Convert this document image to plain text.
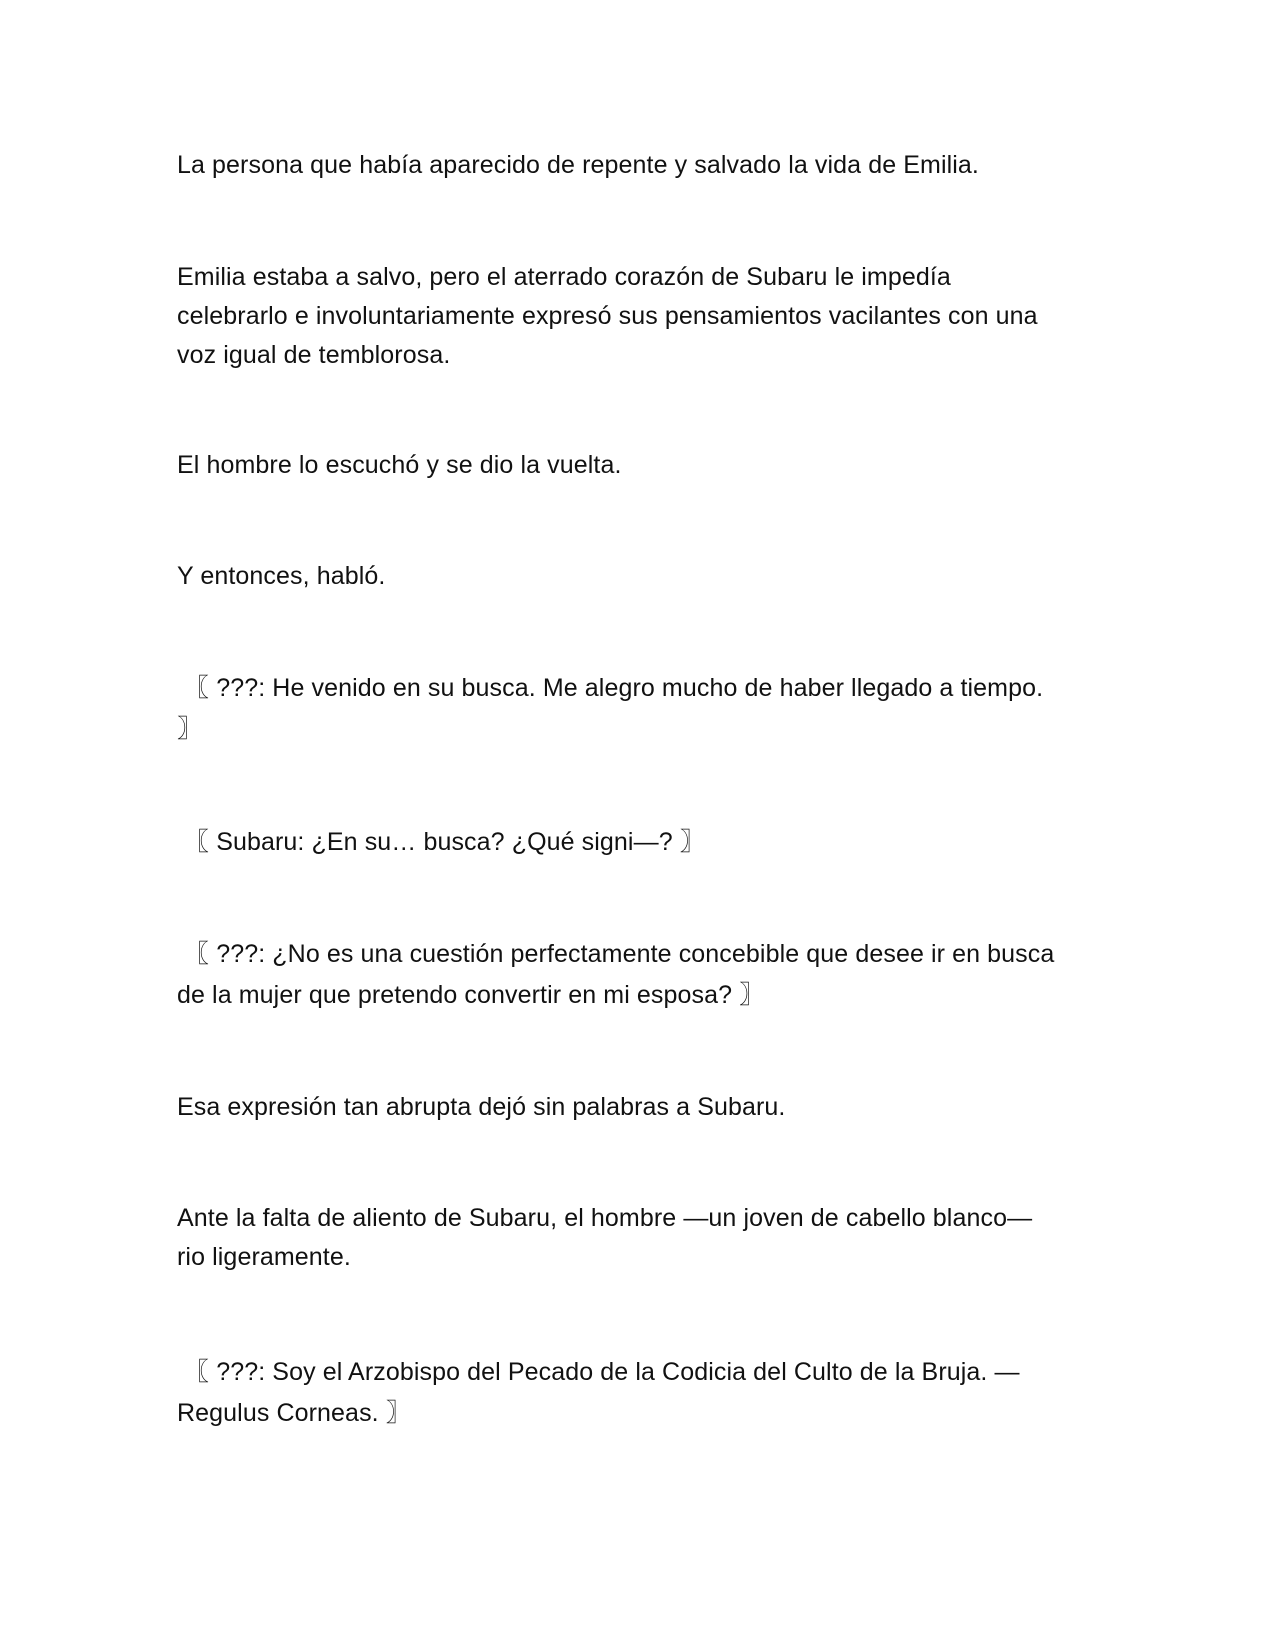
La persona que había aparecido de repente y salvado la vida de Emilia.

Emilia estaba a salvo, pero el aterrado corazón de Subaru le impedía
celebrarlo e involuntariamente expresó sus pensamientos vacilantes con una
voz igual de temblorosa.

El hombre lo escuchó y se dio la vuelta.

Y entonces, habló.

〖 ???: He venido en su busca. Me alegro mucho de haber llegado a tiempo.
〗

〖 Subaru: ¿En su… busca? ¿Qué signi—? 〗

〖 ???: ¿No es una cuestión perfectamente concebible que desee ir en busca
de la mujer que pretendo convertir en mi esposa? 〗

Esa expresión tan abrupta dejó sin palabras a Subaru.

Ante la falta de aliento de Subaru, el hombre —un joven de cabello blanco—
rio ligeramente.

〖 ???: Soy el Arzobispo del Pecado de la Codicia del Culto de la Bruja. —
Regulus Corneas. 〗
